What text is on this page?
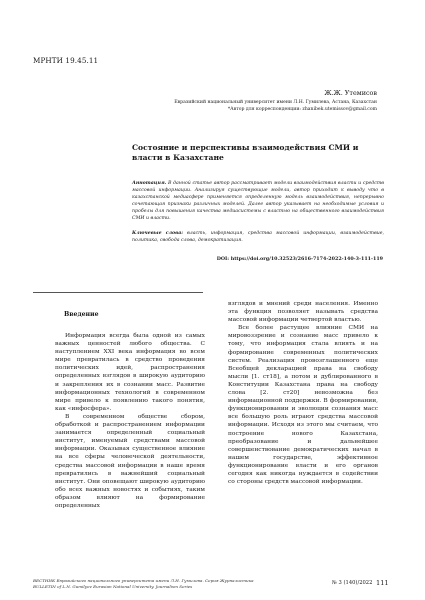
МРНТИ 19.45.11
Ж.Ж. Утемисов
Евразийский национальный университет имени Л.Н. Гумилева, Астана, Казахстан
*Автор для корреспонденции: zhanibek.utemissov@gmail.com
Состояние и перспективы взаимодействия СМИ и власти в Казахстане
Аннотация. В данной статье автор рассматривает модели взаимодействия власти и средств массовой информации. Анализируя существующие модели, автор приходит к выводу что в казахстанской медиасфере применяется определенную модель взаимодействия, непрерывно сочетающая признаки различных моделей. Далее автор указывает на необходимые условия и пробелы для повышения качества медиасистемы с властью на общественного взаимодействия СМИ и власти.
Ключевые слова: власть, информация, средства массовой информации, взаимодействие, политика, свобода слова, демократизация.
DOI: https://doi.org/10.32523/2616-7174-2022-140-3-111-119
Введение

Информация всегда была одной из самых важных ценностей любого общества. С наступлением XXI века информация во всем мире превратилась в средство проведения политических идей, распространения определенных взглядов в широкую аудиторию и закрепления их в сознании масс. Развитие информационных технологий в современном мире привело к появлению такого понятия, как «инфосфера».

В современном обществе сбором, обработкой и распространением информации занимается определенный социальный институт, именуемый средствами массовой информации. Оказывая существенное влияние на все сферы человеческой деятельности, средства массовой информации в наше время превратились в важнейший социальный институт. Они оповещают широкую аудиторию обо всех важных новостях и событиях, таким образом влияют на формирование определенных

взглядов и мнений среди населения. Именно эта функция позволяет называть средства массовой информации четвертой властью.

Все более растущее влияние СМИ на мировоззрение и сознание масс привело к тому, что информация стала влиять и на формирование современных политических систем. Реализация провозглашенного еще Всеобщей декларацией права на свободу мысли [1. ст18], а потом и дублированного в Конституции Казахстана права на свободу слова [2. ст20] невозможна без информационной поддержки. В формировании, функционировании и эволюции сознания масс все большую роль играют средства массовой информации. Исходя из этого мы считаем, что построение нового Казахстана, преобразование и дальнейшее совершенствование демократических начал в нашем государстве, эффективное функционирование власти и его органов сегодня как никогда нуждается в содействии со стороны средств массовой информации.

ВЕСТНИК Евразийского национального университета имени Л.Н. Гумилева. Серия Журналистика
BULLETIN of L.N. Gumilyov Eurasian National University. Journalism Series
№ 3 (140)/2022 111
